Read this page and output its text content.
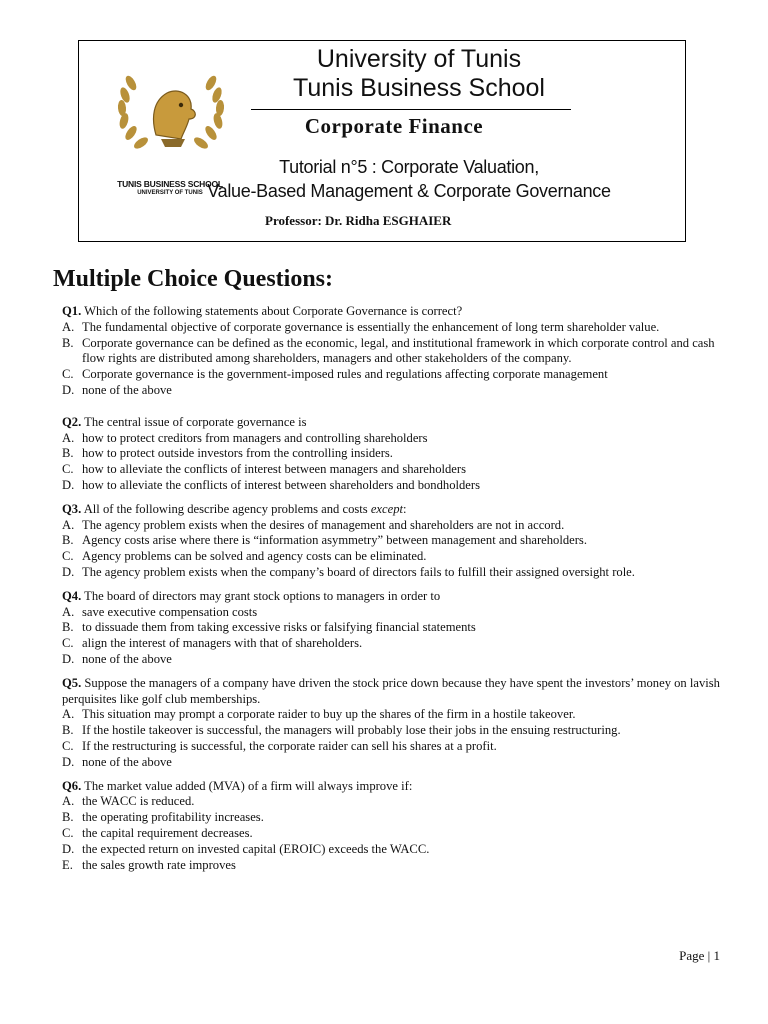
TUNIS BUSINESS SCHOOL
UNIVERSITY OF TUNIS
University of Tunis
Tunis Business School
Corporate Finance
Tutorial n°5 : Corporate Valuation,
Value-Based Management & Corporate Governance
Professor: Dr. Ridha ESGHAIER
Multiple Choice Questions:

Q1. Which of the following statements about Corporate Governance is correct?

A. The fundamental objective of corporate governance is essentially the enhancement of long term shareholder value.
B. Corporate governance can be defined as the economic, legal, and institutional framework in which corporate control and cash flow rights are distributed among shareholders, managers and other stakeholders of the company.
C. Corporate governance is the government-imposed rules and regulations affecting corporate management
D. none of the above

Q2. The central issue of corporate governance is

A. how to protect creditors from managers and controlling shareholders
B. how to protect outside investors from the controlling insiders.
C. how to alleviate the conflicts of interest between managers and shareholders
D. how to alleviate the conflicts of interest between shareholders and bondholders

Q3. All of the following describe agency problems and costs except:

A. The agency problem exists when the desires of management and shareholders are not in accord.
B. Agency costs arise where there is “information asymmetry” between management and shareholders.
C. Agency problems can be solved and agency costs can be eliminated.
D. The agency problem exists when the company’s board of directors fails to fulfill their assigned oversight role.

Q4. The board of directors may grant stock options to managers in order to

A. save executive compensation costs
B. to dissuade them from taking excessive risks or falsifying financial statements
C. align the interest of managers with that of shareholders.
D. none of the above

Q5. Suppose the managers of a company have driven the stock price down because they have spent the investors’ money on lavish perquisites like golf club memberships.

A. This situation may prompt a corporate raider to buy up the shares of the firm in a hostile takeover.
B. If the hostile takeover is successful, the managers will probably lose their jobs in the ensuing restructuring.
C. If the restructuring is successful, the corporate raider can sell his shares at a profit.
D. none of the above

Q6. The market value added (MVA) of a firm will always improve if:

A. the WACC is reduced.
B. the operating profitability increases.
C. the capital requirement decreases.
D. the expected return on invested capital (EROIC) exceeds the WACC.
E. the sales growth rate improves
Page | 1
